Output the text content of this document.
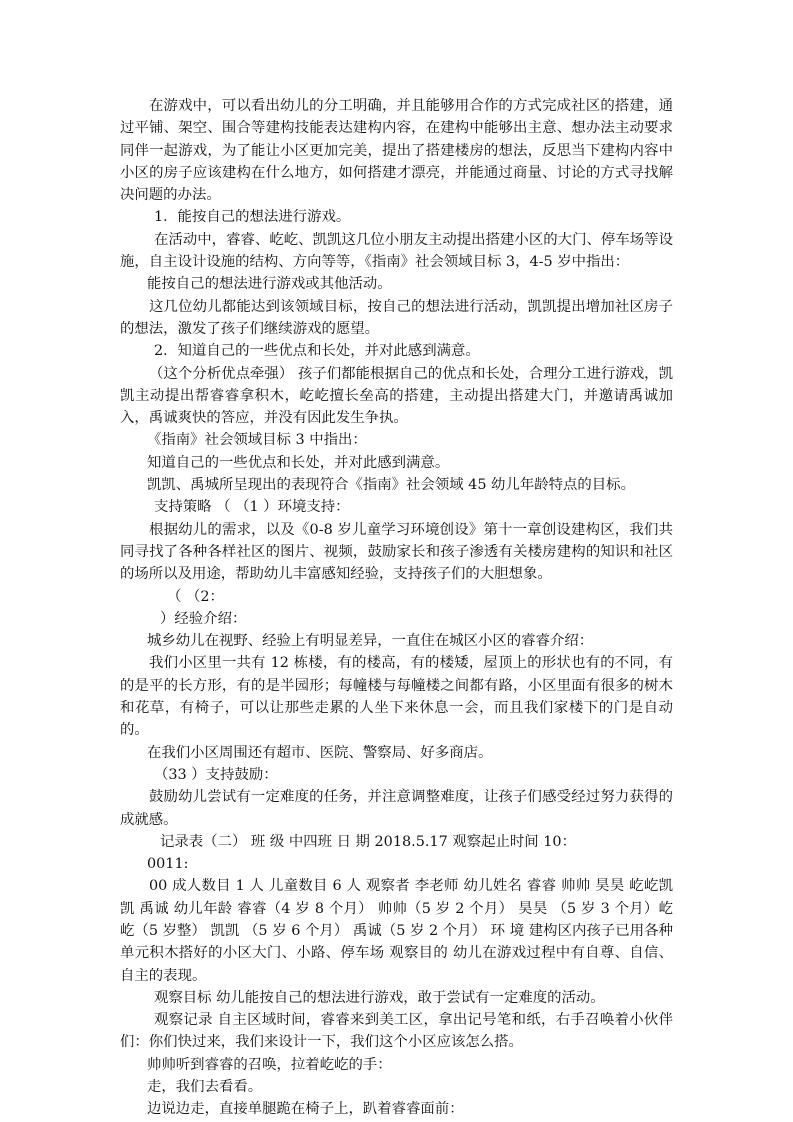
在游戏中，可以看出幼儿的分工明确，并且能够用合作的方式完成社区的搭建，通过平铺、架空、围合等建构技能表达建构内容，在建构中能够出主意、想办法主动要求同伴一起游戏，为了能让小区更加完美，提出了搭建楼房的想法，反思当下建构内容中小区的房子应该建构在什么地方，如何搭建才漂亮，并能通过商量、讨论的方式寻找解决问题的办法。

1．能按自己的想法进行游戏。

在活动中，睿睿、屹屹、凯凯这几位小朋友主动提出搭建小区的大门、停车场等设施，自主设计设施的结构、方向等等，《指南》社会领域目标 3，4-5 岁中指出：

能按自己的想法进行游戏或其他活动。

这几位幼儿都能达到该领域目标，按自己的想法进行活动，凯凯提出增加社区房子的想法，激发了孩子们继续游戏的愿望。

2．知道自己的一些优点和长处，并对此感到满意。

（这个分析优点牵强） 孩子们都能根据自己的优点和长处，合理分工进行游戏，凯凯主动提出帮睿睿拿积木，屹屹擅长垒高的搭建，主动提出搭建大门，并邀请禹诚加入，禹诚爽快的答应，并没有因此发生争执。

《指南》社会领域目标 3 中指出：

知道自己的一些优点和长处，并对此感到满意。

凯凯、禹城所呈现出的表现符合《指南》社会领域 45 幼儿年龄特点的目标。

支持策略 （ （1 ）环境支持：

根据幼儿的需求，以及《0-8 岁儿童学习环境创设》第十一章创设建构区，我们共同寻找了各种各样社区的图片、视频，鼓励家长和孩子渗透有关楼房建构的知识和社区的场所以及用途，帮助幼儿丰富感知经验，支持孩子们的大胆想象。

（ （2：

）经验介绍：

城乡幼儿在视野、经验上有明显差异，一直住在城区小区的睿睿介绍：

我们小区里一共有 12 栋楼，有的楼高，有的楼矮，屋顶上的形状也有的不同，有的是平的长方形，有的是半园形；每幢楼与每幢楼之间都有路，小区里面有很多的树木和花草，有椅子，可以让那些走累的人坐下来休息一会，而且我们家楼下的门是自动的。

在我们小区周围还有超市、医院、警察局、好多商店。

（33 ）支持鼓励：

鼓励幼儿尝试有一定难度的任务，并注意调整难度，让孩子们感受经过努力获得的成就感。

记录表（二） 班 级 中四班 日 期 2018.5.17 观察起止时间 10：

0011:

00 成人数目 1 人 儿童数目 6 人 观察者 李老师 幼儿姓名 睿睿 帅帅 昊昊 屹屹凯凯 禹诚 幼儿年龄 睿睿（4 岁 8 个月） 帅帅（5 岁 2 个月） 昊昊 （5 岁 3 个月）屹屹（5 岁整） 凯凯 （5 岁 6 个月） 禹诚（5 岁 2 个月） 环 境 建构区内孩子已用各种单元积木搭好的小区大门、小路、停车场 观察目的 幼儿在游戏过程中有自尊、自信、自主的表现。

观察目标 幼儿能按自己的想法进行游戏，敢于尝试有一定难度的活动。

观察记录 自主区域时间，睿睿来到美工区，拿出记号笔和纸，右手召唤着小伙伴们：你们快过来，我们来设计一下，我们这个小区应该怎么搭。

帅帅听到睿睿的召唤，拉着屹屹的手：

走，我们去看看。

边说边走，直接单腿跪在椅子上，趴着睿睿面前：
